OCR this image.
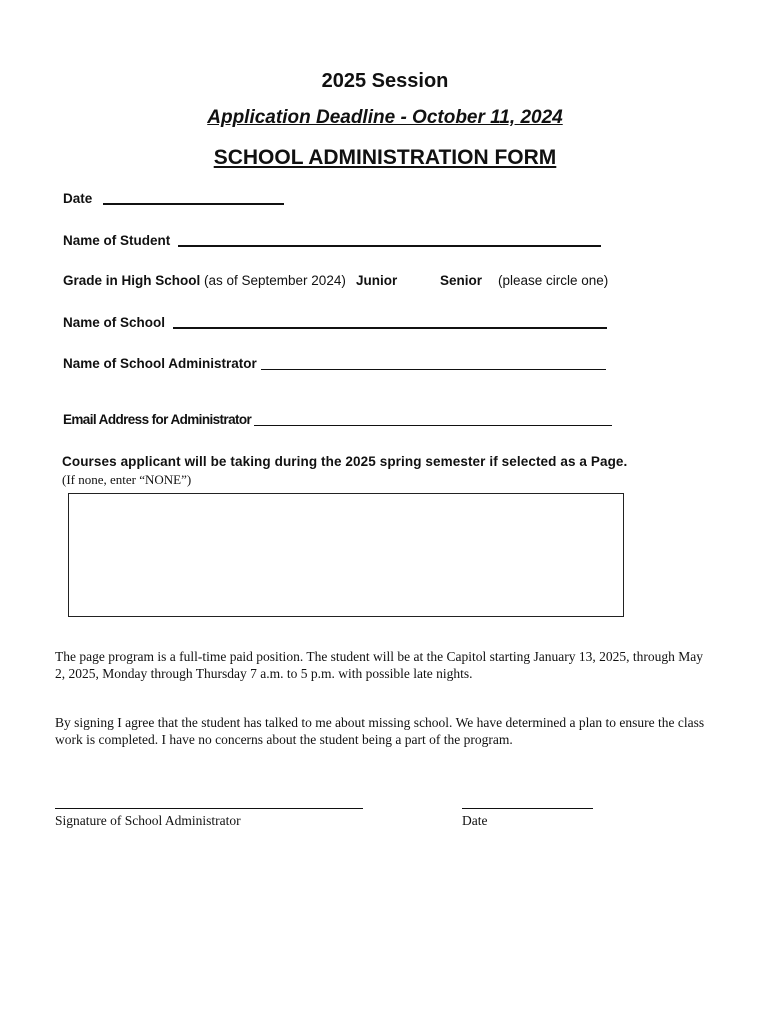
2025 Session
Application Deadline - October 11, 2024
SCHOOL ADMINISTRATION FORM
Date
Name of Student
Grade in High School (as of September 2024) Junior	Senior (please circle one)
Name of School
Name of School Administrator
Email Address for Administrator
Courses applicant will be taking during the 2025 spring semester if selected as a Page.
(If none, enter “NONE”)
The page program is a full-time paid position. The student will be at the Capitol starting January 13, 2025, through May 2, 2025, Monday through Thursday 7 a.m. to 5 p.m. with possible late nights.
By signing I agree that the student has talked to me about missing school. We have determined a plan to ensure the class work is completed. I have no concerns about the student being a part of the program.
Signature of School Administrator	Date
